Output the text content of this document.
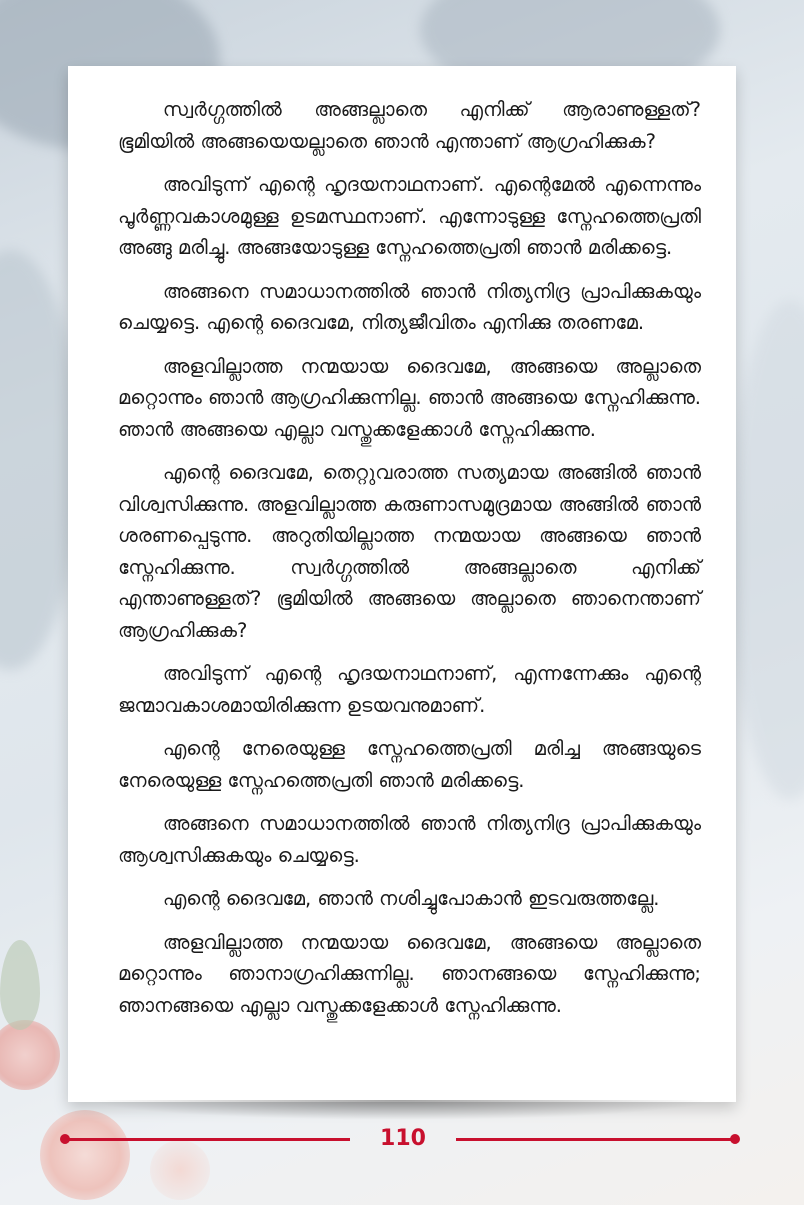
സ്വർഗ്ഗത്തിൽ അങ്ങല്ലാതെ എനിക്ക് ആരാണുള്ളത്? ഭൂമിയിൽ അങ്ങയെയല്ലാതെ ഞാൻ എന്താണ് ആഗ്രഹിക്കുക?

അവിടുന്ന് എന്റെ ഹൃദയനാഥനാണ്. എന്റെമേൽ എന്നെന്നും പൂർണ്ണവകാശമുള്ള ഉടമസ്ഥനാണ്. എന്നോടുള്ള സ്നേഹത്തെപ്രതി അങ്ങു മരിച്ചു. അങ്ങയോടുള്ള സ്നേഹത്തെപ്രതി ഞാൻ മരിക്കട്ടെ.

അങ്ങനെ സമാധാനത്തിൽ ഞാൻ നിത്യനിദ്ര പ്രാപിക്കുകയും ചെയ്യട്ടെ. എന്റെ ദൈവമേ, നിത്യജീവിതം എനിക്കു തരണമേ.

അളവില്ലാത്ത നന്മയായ ദൈവമേ, അങ്ങയെ അല്ലാതെ മറ്റൊന്നും ഞാൻ ആഗ്രഹിക്കുന്നില്ല. ഞാൻ അങ്ങയെ സ്നേഹിക്കുന്നു. ഞാൻ അങ്ങയെ എല്ലാ വസ്തുക്കളേക്കാൾ സ്നേഹിക്കുന്നു.

എന്റെ ദൈവമേ, തെറ്റുവരാത്ത സത്യമായ അങ്ങിൽ ഞാൻ വിശ്വസിക്കുന്നു. അളവില്ലാത്ത കരുണാസമുദ്രമായ അങ്ങിൽ ഞാൻ ശരണപ്പെടുന്നു. അറുതിയില്ലാത്ത നന്മയായ അങ്ങയെ ഞാൻ സ്നേഹിക്കുന്നു. സ്വർഗ്ഗത്തിൽ അങ്ങല്ലാതെ എനിക്ക് എന്താണുള്ളത്? ഭൂമിയിൽ അങ്ങയെ അല്ലാതെ ഞാനെന്താണ് ആഗ്രഹിക്കുക?

അവിടുന്ന് എന്റെ ഹൃദയനാഥനാണ്, എന്നന്നേക്കും എന്റെ ജന്മാവകാശമായിരിക്കുന്ന ഉടയവനുമാണ്.

എന്റെ നേരെയുള്ള സ്നേഹത്തെപ്രതി മരിച്ച അങ്ങയുടെ നേരെയുള്ള സ്നേഹത്തെപ്രതി ഞാൻ മരിക്കട്ടെ.

അങ്ങനെ സമാധാനത്തിൽ ഞാൻ നിത്യനിദ്ര പ്രാപിക്കുകയും ആശ്വസിക്കുകയും ചെയ്യട്ടെ.

എന്റെ ദൈവമേ, ഞാൻ നശിച്ചുപോകാൻ ഇടവരുത്തല്ലേ.

അളവില്ലാത്ത നന്മയായ ദൈവമേ, അങ്ങയെ അല്ലാതെ മറ്റൊന്നും ഞാനാഗ്രഹിക്കുന്നില്ല. ഞാനങ്ങയെ സ്നേഹിക്കുന്നു; ഞാനങ്ങയെ എല്ലാ വസ്തുക്കളേക്കാൾ സ്നേഹിക്കുന്നു.

110
